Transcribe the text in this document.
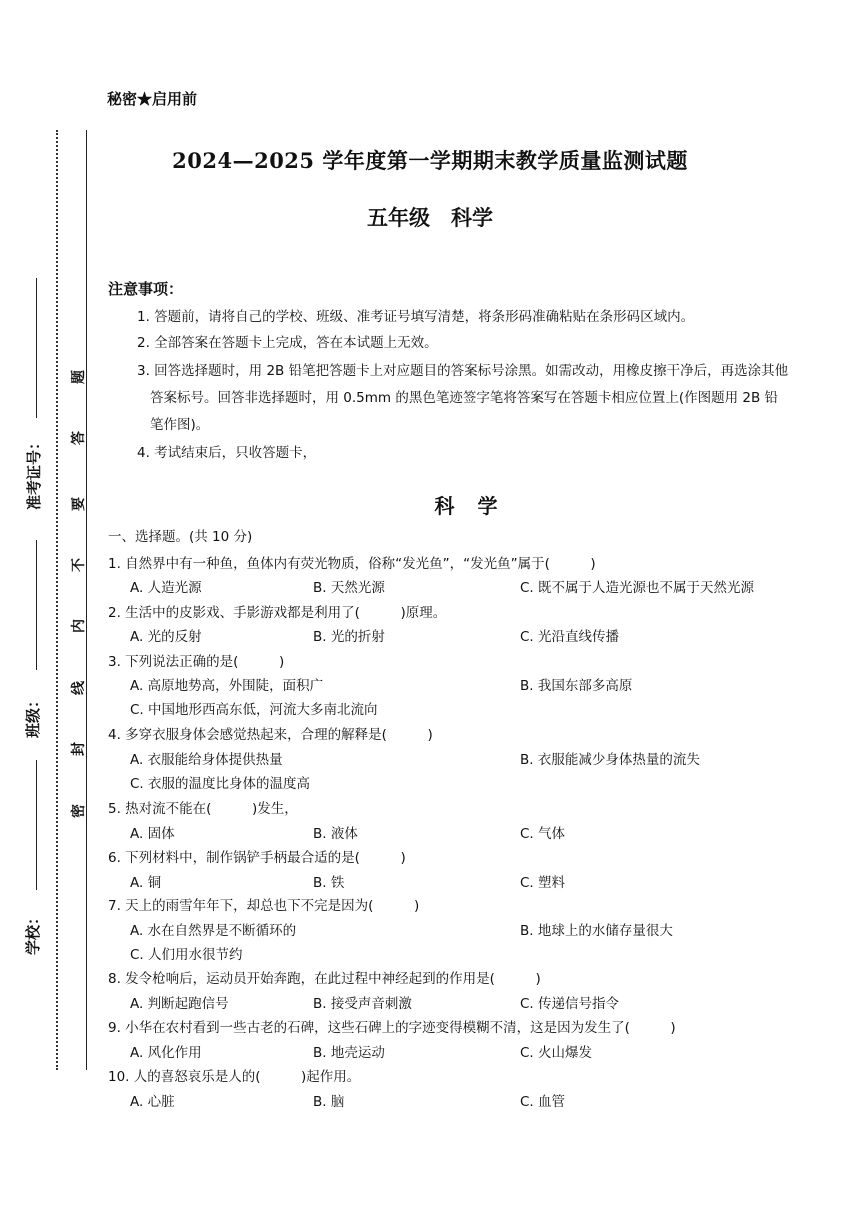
题
答
要
不
内
线
封
密
准考证号：
班级：
学校：
秘密★启用前
2024—2025 学年度第一学期期末教学质量监测试题
五年级　科学
注意事项：
1. 答题前，请将自己的学校、班级、准考证号填写清楚，将条形码准确粘贴在条形码区域内。
2. 全部答案在答题卡上完成，答在本试题上无效。
3. 回答选择题时，用 2B 铅笔把答题卡上对应题目的答案标号涂黑。如需改动，用橡皮擦干净后，再选涂其他
答案标号。回答非选择题时，用 0.5mm 的黑色笔迹签字笔将答案写在答题卡相应位置上(作图题用 2B 铅
笔作图)。
4. 考试结束后，只收答题卡，
科 学
一、选择题。(共 10 分)
1. 自然界中有一种鱼，鱼体内有荧光物质，俗称“发光鱼”，“发光鱼”属于(　　　)
A. 人造光源	B. 天然光源	C. 既不属于人造光源也不属于天然光源
2. 生活中的皮影戏、手影游戏都是利用了(　　　)原理。
A. 光的反射	B. 光的折射	C. 光沿直线传播
3. 下列说法正确的是(　　　)
A. 高原地势高，外围陡，面积广	B. 我国东部多高原
C. 中国地形西高东低，河流大多南北流向
4. 多穿衣服身体会感觉热起来，合理的解释是(　　　)
A. 衣服能给身体提供热量	B. 衣服能减少身体热量的流失
C. 衣服的温度比身体的温度高
5. 热对流不能在(　　　)发生，
A. 固体	B. 液体	C. 气体
6. 下列材料中，制作锅铲手柄最合适的是(　　　)
A. 铜	B. 铁	C. 塑料
7. 天上的雨雪年年下，却总也下不完是因为(　　　)
A. 水在自然界是不断循环的	B. 地球上的水储存量很大
C. 人们用水很节约
8. 发令枪响后，运动员开始奔跑，在此过程中神经起到的作用是(　　　)
A. 判断起跑信号	B. 接受声音刺激	C. 传递信号指令
9. 小华在农村看到一些古老的石碑，这些石碑上的字迹变得模糊不清，这是因为发生了(　　　)
A. 风化作用	B. 地壳运动	C. 火山爆发
10. 人的喜怒哀乐是人的(　　　)起作用。
A. 心脏	B. 脑	C. 血管
